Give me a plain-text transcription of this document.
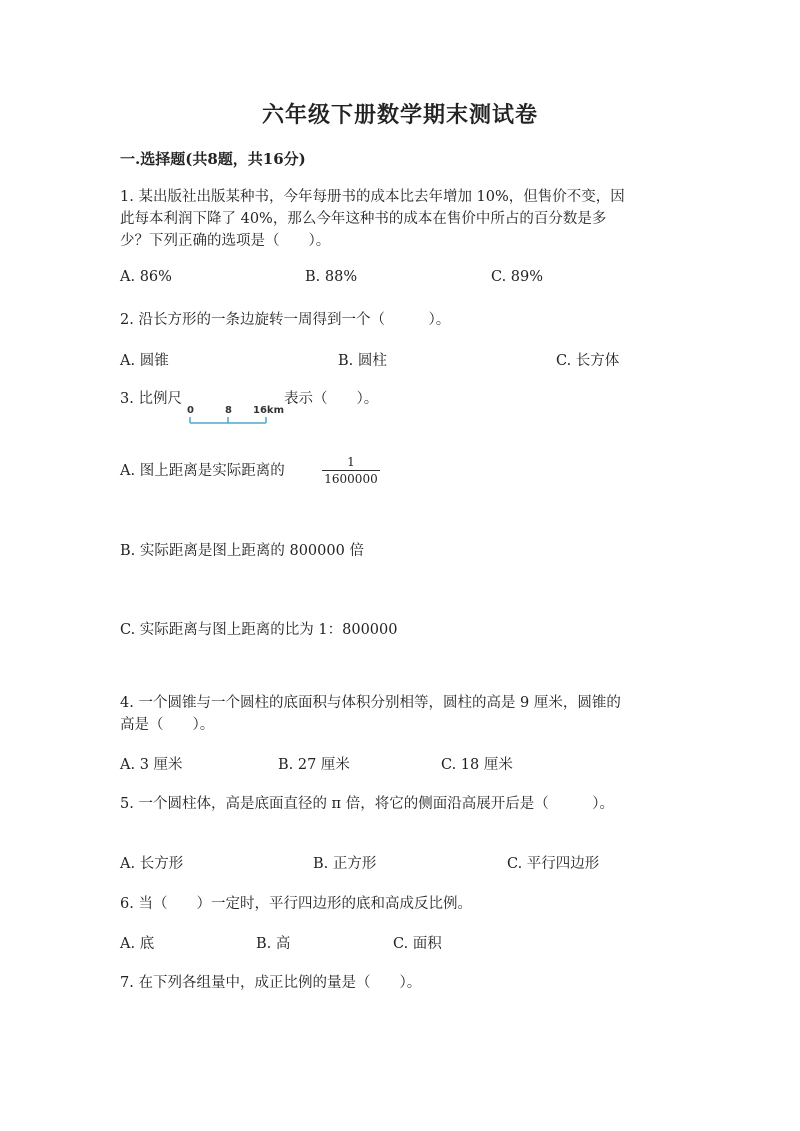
六年级下册数学期末测试卷
一.选择题(共8题，共16分)
1. 某出版社出版某种书，今年每册书的成本比去年增加 10%，但售价不变，因
此每本利润下降了 40%，那么今年这种书的成本在售价中所占的百分数是多
少？下列正确的选项是（　　）。
A. 86%	B. 88%	C. 89%
2. 沿长方形的一条边旋转一周得到一个（　　　）。
A. 圆锥	B. 圆柱	C. 长方体
3. 比例尺	表示（　　）。
0	8 16km
A. 图上距离是实际距离的
1
1600000
B. 实际距离是图上距离的 800000 倍
C. 实际距离与图上距离的比为 1：800000
4. 一个圆锥与一个圆柱的底面积与体积分别相等，圆柱的高是 9 厘米，圆锥的
高是（　　）。
A. 3 厘米	B. 27 厘米	C. 18 厘米
5. 一个圆柱体，高是底面直径的 π 倍，将它的侧面沿高展开后是（　　　）。
A. 长方形	B. 正方形	C. 平行四边形
6. 当（　　）一定时，平行四边形的底和高成反比例。
A. 底	B. 高	C. 面积
7. 在下列各组量中，成正比例的量是（　　）。
